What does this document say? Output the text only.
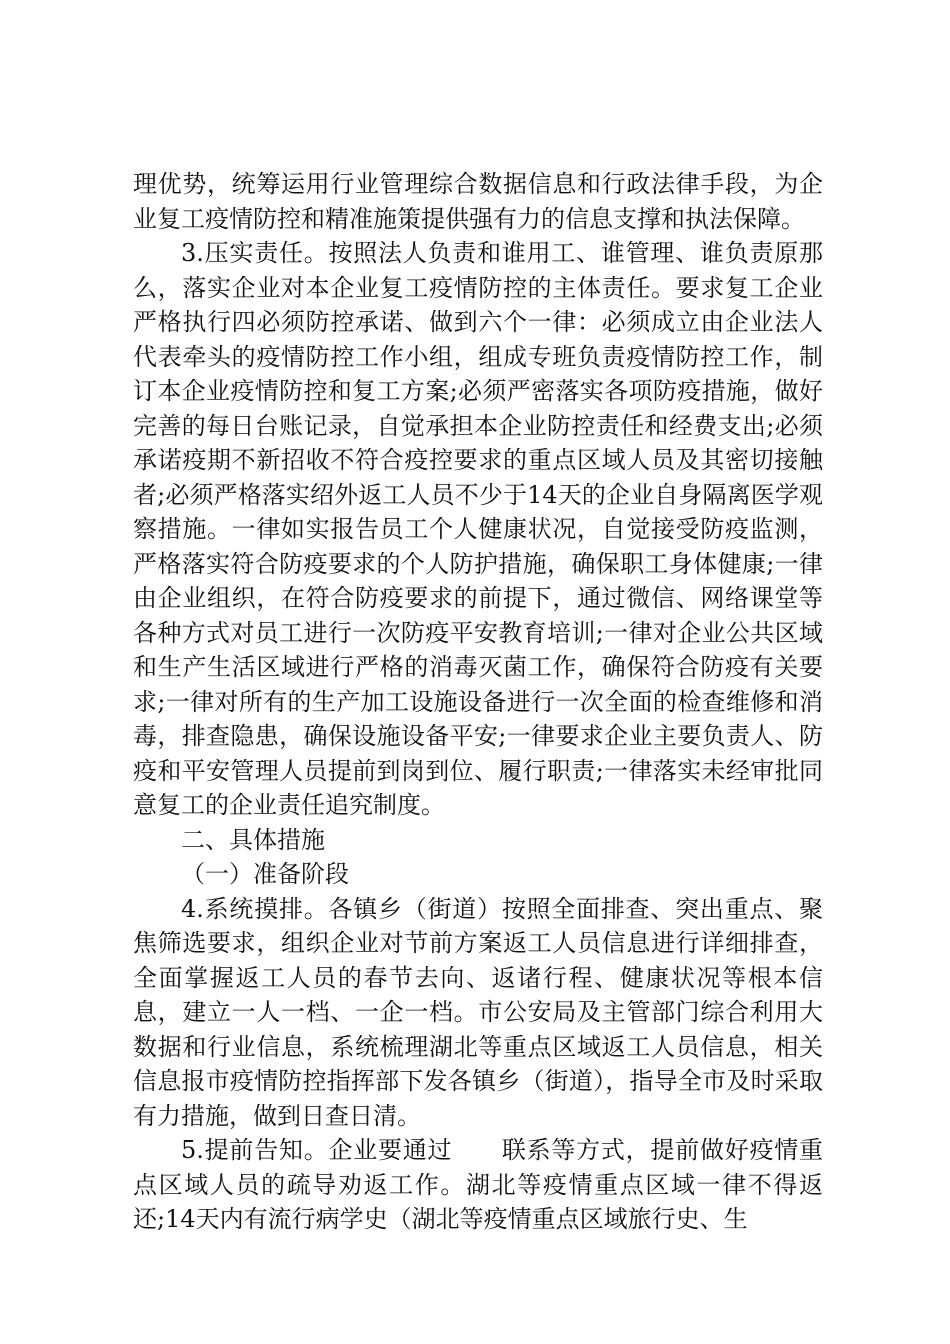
理优势，统筹运用行业管理综合数据信息和行政法律手段，为企业复工疫情防控和精准施策提供强有力的信息支撑和执法保障。

3.压实责任。按照法人负责和谁用工、谁管理、谁负责原那么，落实企业对本企业复工疫情防控的主体责任。要求复工企业严格执行四必须防控承诺、做到六个一律：必须成立由企业法人代表牵头的疫情防控工作小组，组成专班负责疫情防控工作，制订本企业疫情防控和复工方案;必须严密落实各项防疫措施，做好完善的每日台账记录，自觉承担本企业防控责任和经费支出;必须承诺疫期不新招收不符合疫控要求的重点区域人员及其密切接触者;必须严格落实绍外返工人员不少于14天的企业自身隔离医学观察措施。一律如实报告员工个人健康状况，自觉接受防疫监测，严格落实符合防疫要求的个人防护措施，确保职工身体健康;一律由企业组织，在符合防疫要求的前提下，通过微信、网络课堂等各种方式对员工进行一次防疫平安教育培训;一律对企业公共区域和生产生活区域进行严格的消毒灭菌工作，确保符合防疫有关要求;一律对所有的生产加工设施设备进行一次全面的检查维修和消毒，排查隐患，确保设施设备平安;一律要求企业主要负责人、防疫和平安管理人员提前到岗到位、履行职责;一律落实未经审批同意复工的企业责任追究制度。

二、具体措施

（一）准备阶段

4.系统摸排。各镇乡（街道）按照全面排查、突出重点、聚焦筛选要求，组织企业对节前方案返工人员信息进行详细排查，全面掌握返工人员的春节去向、返诸行程、健康状况等根本信息，建立一人一档、一企一档。市公安局及主管部门综合利用大数据和行业信息，系统梳理湖北等重点区域返工人员信息，相关信息报市疫情防控指挥部下发各镇乡（街道），指导全市及时采取有力措施，做到日查日清。

5.提前告知。企业要通过　　联系等方式，提前做好疫情重点区域人员的疏导劝返工作。湖北等疫情重点区域一律不得返还;14天内有流行病学史（湖北等疫情重点区域旅行史、生
